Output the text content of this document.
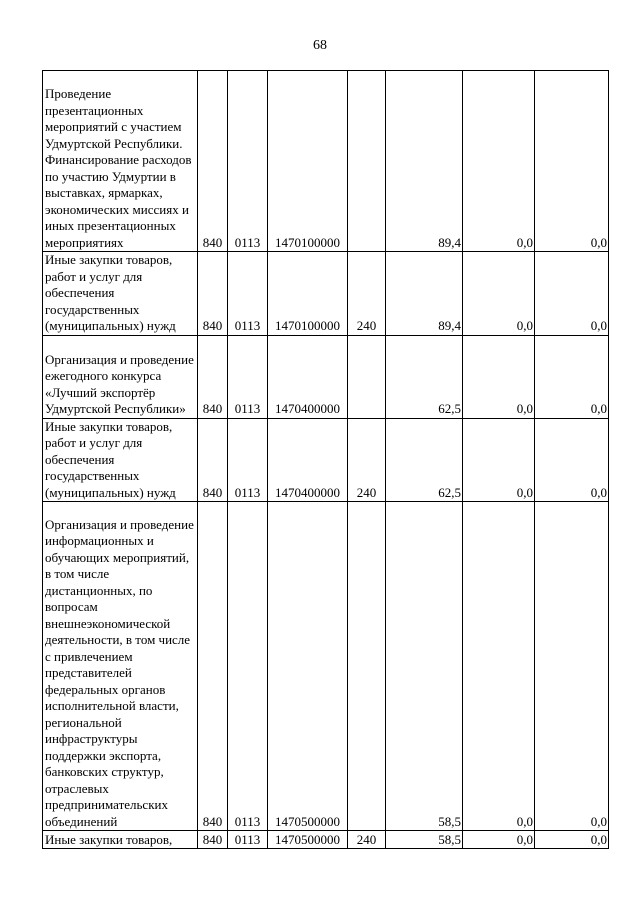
68
Проведение презентационных мероприятий с участием Удмуртской Республики. Финансирование расходов по участию Удмуртии в выставках, ярмарках, экономических миссиях и иных презентационных мероприятиях	840	0113	1470100000		89,4	0,0	0,0
Иные закупки товаров, работ и услуг для обеспечения государственных (муниципальных) нужд	840	0113	1470100000	240	89,4	0,0	0,0
Организация и проведение ежегодного конкурса «Лучший экспортёр Удмуртской Республики»	840	0113	1470400000		62,5	0,0	0,0
Иные закупки товаров, работ и услуг для обеспечения государственных (муниципальных) нужд	840	0113	1470400000	240	62,5	0,0	0,0
Организация и проведение информационных и обучающих мероприятий, в том числе дистанционных, по вопросам внешнеэкономической деятельности, в том числе с привлечением представителей федеральных органов исполнительной власти, региональной инфраструктуры поддержки экспорта, банковских структур, отраслевых предпринимательских объединений	840	0113	1470500000		58,5	0,0	0,0
Иные закупки товаров,	840	0113	1470500000	240	58,5	0,0	0,0
